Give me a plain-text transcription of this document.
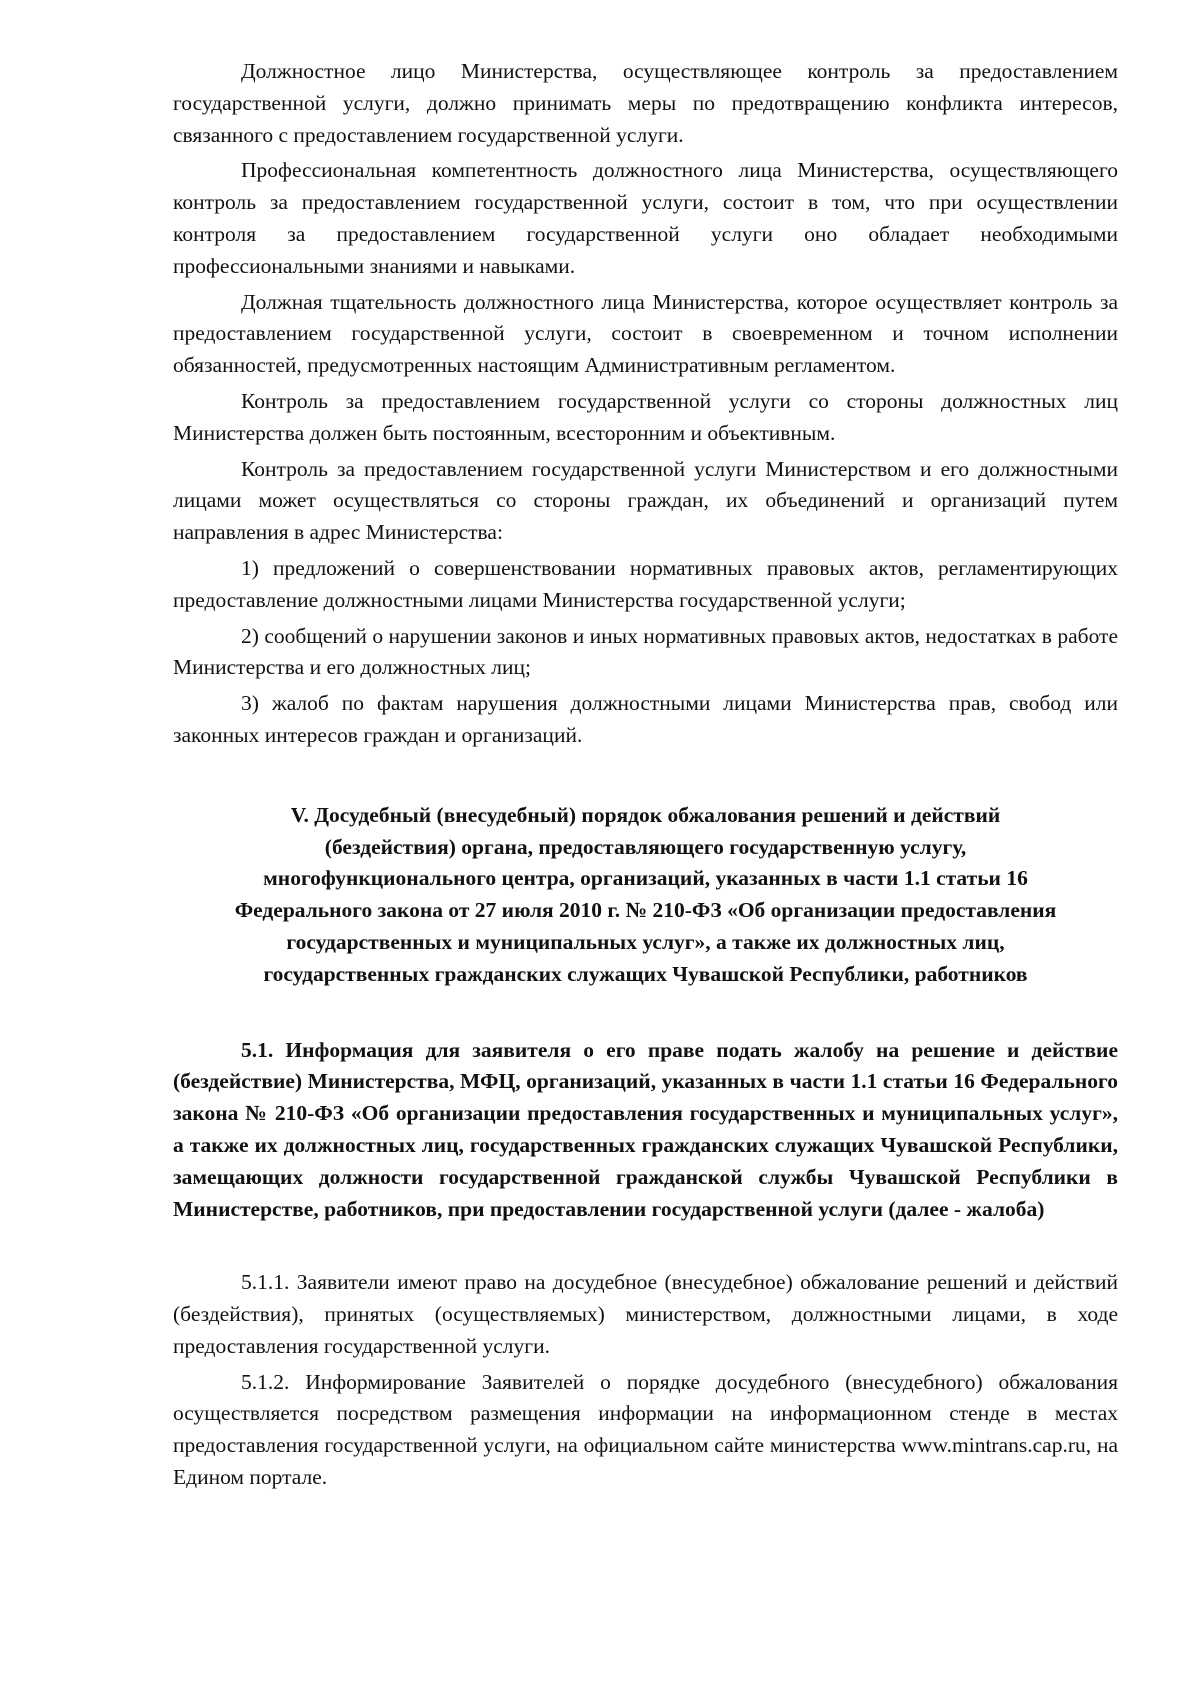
Должностное лицо Министерства, осуществляющее контроль за предоставлением государственной услуги, должно принимать меры по предотвращению конфликта интересов, связанного с предоставлением государственной услуги.

Профессиональная компетентность должностного лица Министерства, осуществляющего контроль за предоставлением государственной услуги, состоит в том, что при осуществлении контроля за предоставлением государственной услуги оно обладает необходимыми профессиональными знаниями и навыками.

Должная тщательность должностного лица Министерства, которое осуществляет контроль за предоставлением государственной услуги, состоит в своевременном и точном исполнении обязанностей, предусмотренных настоящим Административным регламентом.

Контроль за предоставлением государственной услуги со стороны должностных лиц Министерства должен быть постоянным, всесторонним и объективным.

Контроль за предоставлением государственной услуги Министерством и его должностными лицами может осуществляться со стороны граждан, их объединений и организаций путем направления в адрес Министерства:

1) предложений о совершенствовании нормативных правовых актов, регламентирующих предоставление должностными лицами Министерства государственной услуги;

2) сообщений о нарушении законов и иных нормативных правовых актов, недостатках в работе Министерства и его должностных лиц;

3) жалоб по фактам нарушения должностными лицами Министерства прав, свобод или законных интересов граждан и организаций.

V. Досудебный (внесудебный) порядок обжалования решений и действий
(бездействия) органа, предоставляющего государственную услугу,
многофункционального центра, организаций, указанных в части 1.1 статьи 16
Федерального закона от 27 июля 2010 г. № 210-ФЗ «Об организации предоставления
государственных и муниципальных услуг», а также их должностных лиц,
государственных гражданских служащих Чувашской Республики, работников

5.1. Информация для заявителя о его праве подать жалобу на решение и действие (бездействие) Министерства, МФЦ, организаций, указанных в части 1.1 статьи 16 Федерального закона № 210-ФЗ «Об организации предоставления государственных и муниципальных услуг», а также их должностных лиц, государственных гражданских служащих Чувашской Республики, замещающих должности государственной гражданской службы Чувашской Республики в Министерстве, работников, при предоставлении государственной услуги (далее - жалоба)

5.1.1. Заявители имеют право на досудебное (внесудебное) обжалование решений и действий (бездействия), принятых (осуществляемых) министерством, должностными лицами, в ходе предоставления государственной услуги.

5.1.2. Информирование Заявителей о порядке досудебного (внесудебного) обжалования осуществляется посредством размещения информации на информационном стенде в местах предоставления государственной услуги, на официальном сайте министерства www.mintrans.cap.ru, на Едином портале.
